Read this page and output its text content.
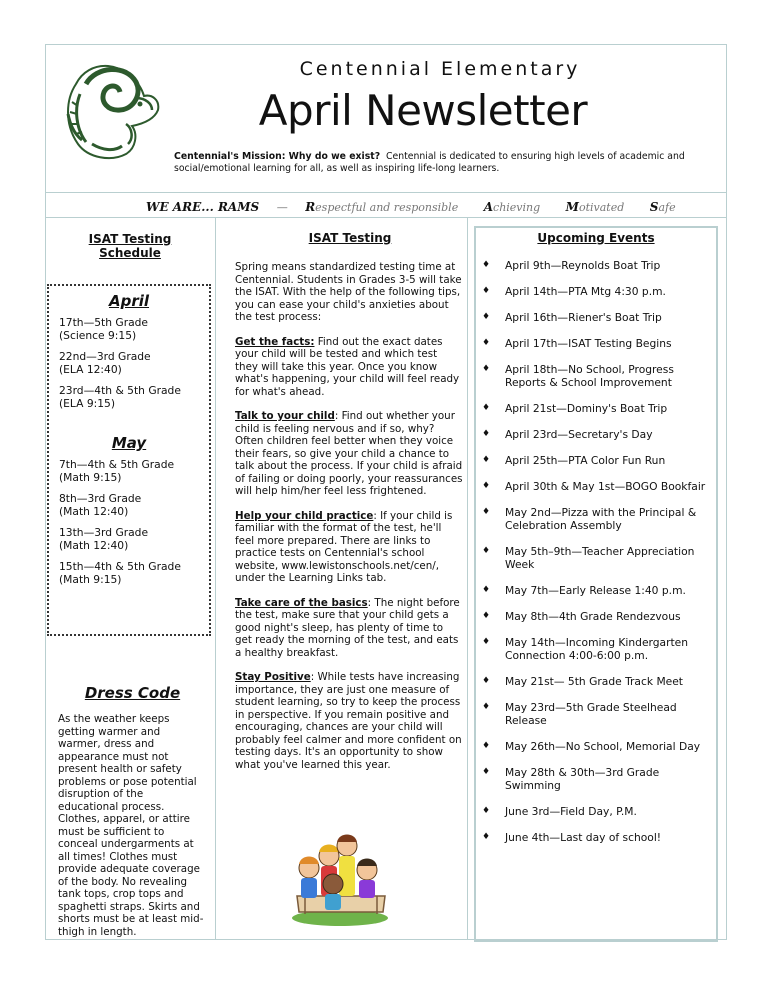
Centennial Elementary
April Newsletter
Centennial's Mission: Why do we exist? Centennial is dedicated to ensuring high levels of academic and social/emotional learning for all, as well as inspiring life-long learners.
WE ARE... RAMS — Respectful and responsible Achieving Motivated Safe
ISAT Testing Schedule
April
17th—5th Grade
(Science 9:15)
22nd—3rd Grade
(ELA 12:40)
23rd—4th & 5th Grade
(ELA 9:15)
May
7th—4th & 5th Grade
(Math 9:15)
8th—3rd Grade
(Math 12:40)
13th—3rd Grade
(Math 12:40)
15th—4th & 5th Grade
(Math 9:15)
Dress Code
As the weather keeps getting warmer and warmer, dress and appearance must not present health or safety problems or pose potential disruption of the educational process. Clothes, apparel, or attire must be sufficient to conceal undergarments at all times! Clothes must provide adequate coverage of the body. No revealing tank tops, crop tops and spaghetti straps. Skirts and shorts must be at least mid-thigh in length.
ISAT Testing

Spring means standardized testing time at Centennial. Students in Grades 3-5 will take the ISAT. With the help of the following tips, you can ease your child's anxieties about the test process:

Get the facts: Find out the exact dates your child will be tested and which test they will take this year. Once you know what's happening, your child will feel ready for what's ahead.

Talk to your child: Find out whether your child is feeling nervous and if so, why? Often children feel better when they voice their fears, so give your child a chance to talk about the process. If your child is afraid of failing or doing poorly, your reassurances will help him/her feel less frightened.

Help your child practice: If your child is familiar with the format of the test, he'll feel more prepared. There are links to practice tests on Centennial's school website, www.lewistonschools.net/cen/, under the Learning Links tab.

Take care of the basics: The night before the test, make sure that your child gets a good night's sleep, has plenty of time to get ready the morning of the test, and eats a healthy breakfast.

Stay Positive: While tests have increasing importance, they are just one measure of student learning, so try to keep the process in perspective. If you remain positive and encouraging, chances are your child will probably feel calmer and more confident on testing days. It's an opportunity to show what you've learned this year.

Upcoming Events
♦ April 9th—Reynolds Boat Trip
♦ April 14th—PTA Mtg 4:30 p.m.
♦ April 16th—Riener's Boat Trip
♦ April 17th—ISAT Testing Begins
♦ April 18th—No School, Progress Reports & School Improvement
♦ April 21st—Dominy's Boat Trip
♦ April 23rd—Secretary's Day
♦ April 25th—PTA Color Fun Run
♦ April 30th & May 1st—BOGO Bookfair
♦ May 2nd—Pizza with the Principal & Celebration Assembly
♦ May 5th–9th—Teacher Appreciation Week
♦ May 7th—Early Release 1:40 p.m.
♦ May 8th—4th Grade Rendezvous
♦ May 14th—Incoming Kindergarten Connection 4:00-6:00 p.m.
♦ May 21st— 5th Grade Track Meet
♦ May 23rd—5th Grade Steelhead Release
♦ May 26th—No School, Memorial Day
♦ May 28th & 30th—3rd Grade Swimming
♦ June 3rd—Field Day, P.M.
♦ June 4th—Last day of school!
